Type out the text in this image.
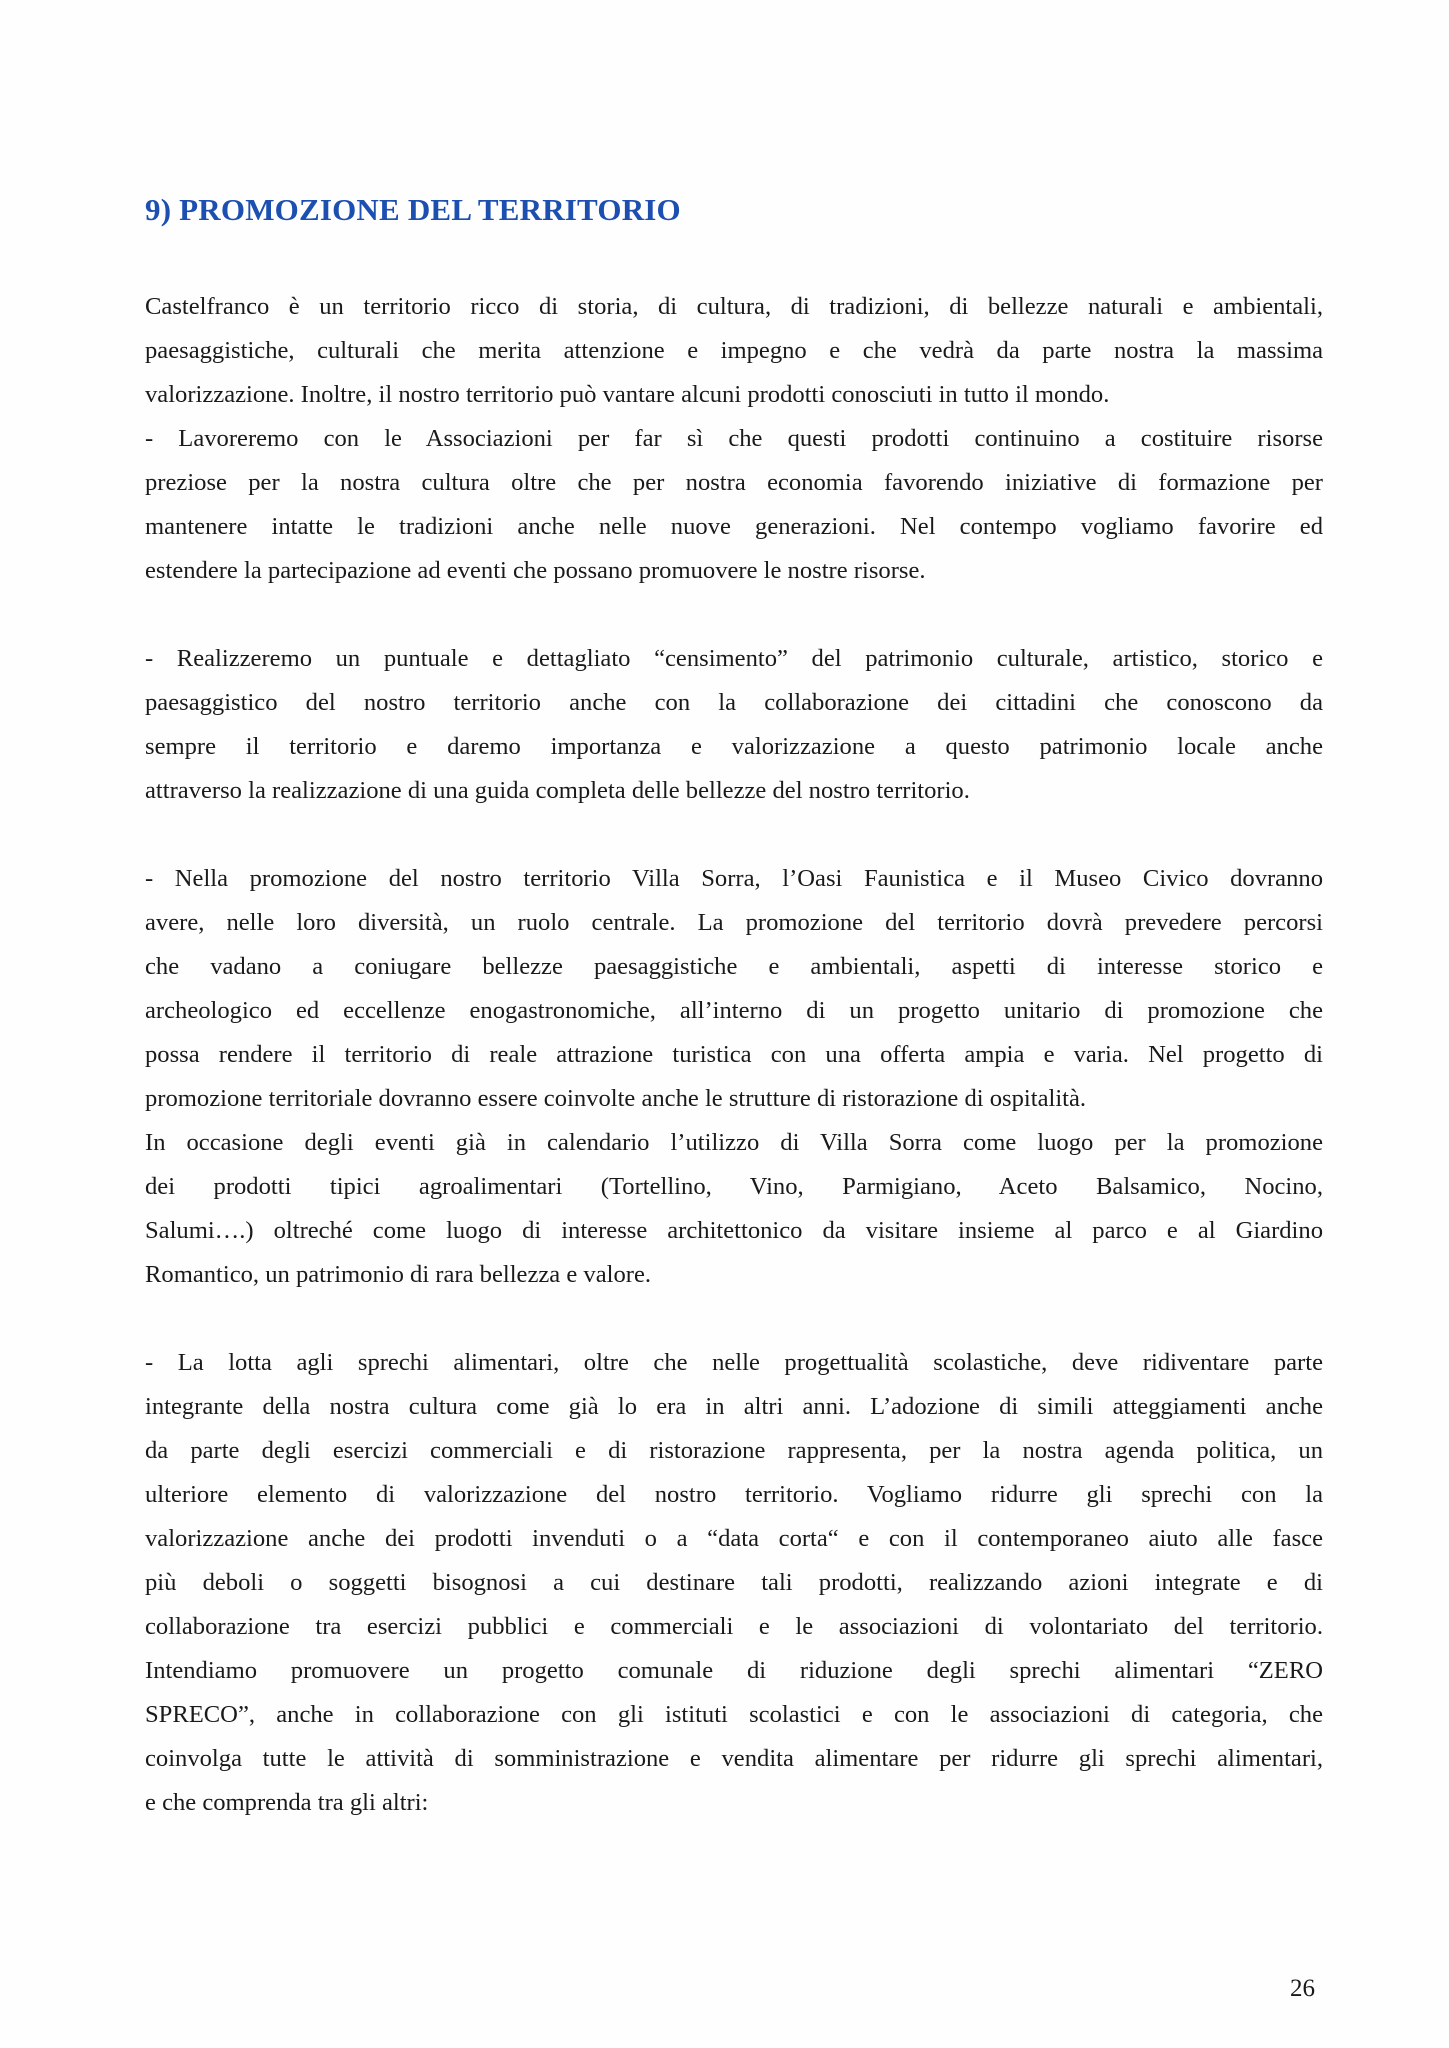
9) PROMOZIONE DEL TERRITORIO

Castelfranco è un territorio ricco di storia, di cultura, di tradizioni, di bellezze naturali e ambientali,
paesaggistiche, culturali che merita attenzione e impegno e che vedrà da parte nostra la massima
valorizzazione. Inoltre, il nostro territorio può vantare alcuni prodotti conosciuti in tutto il mondo.

- Lavoreremo con le Associazioni per far sì che questi prodotti continuino a costituire risorse
preziose per la nostra cultura oltre che per nostra economia favorendo iniziative di formazione per
mantenere intatte le tradizioni anche nelle nuove generazioni. Nel contempo vogliamo favorire ed
estendere la partecipazione ad eventi che possano promuovere le nostre risorse.

- Realizzeremo un puntuale e dettagliato “censimento” del patrimonio culturale, artistico, storico e
paesaggistico del nostro territorio anche con la collaborazione dei cittadini che conoscono da
sempre il territorio e daremo importanza e valorizzazione a questo patrimonio locale anche
attraverso la realizzazione di una guida completa delle bellezze del nostro territorio.

- Nella promozione del nostro territorio Villa Sorra, l’Oasi Faunistica e il Museo Civico dovranno
avere, nelle loro diversità, un ruolo centrale. La promozione del territorio dovrà prevedere percorsi
che vadano a coniugare bellezze paesaggistiche e ambientali, aspetti di interesse storico e
archeologico ed eccellenze enogastronomiche, all’interno di un progetto unitario di promozione che
possa rendere il territorio di reale attrazione turistica con una offerta ampia e varia. Nel progetto di
promozione territoriale dovranno essere coinvolte anche le strutture di ristorazione di ospitalità.

In occasione degli eventi già in calendario l’utilizzo di Villa Sorra come luogo per la promozione
dei prodotti tipici agroalimentari (Tortellino, Vino, Parmigiano, Aceto Balsamico, Nocino,
Salumi….) oltreché come luogo di interesse architettonico da visitare insieme al parco e al Giardino
Romantico, un patrimonio di rara bellezza e valore.

- La lotta agli sprechi alimentari, oltre che nelle progettualità scolastiche, deve ridiventare parte
integrante della nostra cultura come già lo era in altri anni. L’adozione di simili atteggiamenti anche
da parte degli esercizi commerciali e di ristorazione rappresenta, per la nostra agenda politica, un
ulteriore elemento di valorizzazione del nostro territorio. Vogliamo ridurre gli sprechi con la
valorizzazione anche dei prodotti invenduti o a “data corta“ e con il contemporaneo aiuto alle fasce
più deboli o soggetti bisognosi a cui destinare tali prodotti, realizzando azioni integrate e di
collaborazione tra esercizi pubblici e commerciali e le associazioni di volontariato del territorio.
Intendiamo promuovere un progetto comunale di riduzione degli sprechi alimentari “ZERO
SPRECO”, anche in collaborazione con gli istituti scolastici e con le associazioni di categoria, che
coinvolga tutte le attività di somministrazione e vendita alimentare per ridurre gli sprechi alimentari,
e che comprenda tra gli altri:

26
